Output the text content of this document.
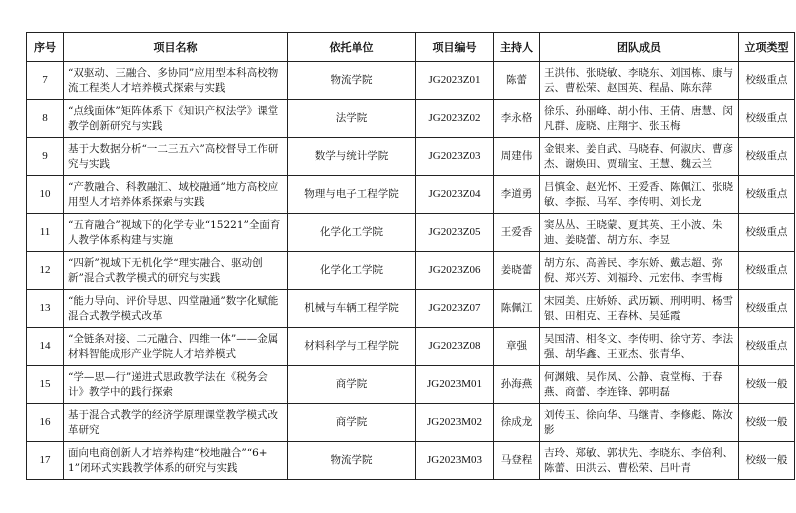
序号	项目名称	依托单位	项目编号	主持人	团队成员	立项类型

7	“双驱动、三融合、多协同”应用型本科高校物流工程类人才培养模式探索与实践	物流学院	JG2023Z01	陈蕾	王洪伟、张晓敏、李晓东、刘国栋、康与云、曹松荣、赵国英、程晶、陈东萍	校级重点

8	“点线面体”矩阵体系下《知识产权法学》课堂教学创新研究与实践	法学院	JG2023Z02	李永格	徐乐、孙丽峰、胡小伟、王倩、唐慧、闵凡群、庞晓、庄翔宇、张玉梅	校级重点

9	基于大数据分析“一二三五六”高校督导工作研究与实践	数学与统计学院	JG2023Z03	周建伟	金银来、姜自武、马晓春、何淑庆、曹彦杰、谢焕田、贾瑞宝、王慧、魏云兰	校级重点

10	“产教融合、科教融汇、域校融通”地方高校应用型人才培养体系探索与实践	物理与电子工程学院	JG2023Z04	李道勇	吕慎金、赵光怀、王爱香、陈佩江、张晓敏、李振、马军、李传明、刘长龙	校级重点

11	“五育融合”视域下的化学专业“15221”全面育人教学体系构建与实施	化学化工学院	JG2023Z05	王爱香	窦丛丛、王晓蒙、夏其英、王小波、朱迪、姜晓蕾、胡方东、李昱	校级重点

12	“四新”视域下无机化学“理实融合、驱动创新”混合式教学模式的研究与实践	化学化工学院	JG2023Z06	姜晓蕾	胡方东、高善民、李东娇、戴志超、弥倪、郑兴芳、刘福玲、元宏伟、李雪梅	校级重点

13	“能力导向、评价导思、四堂融通”数字化赋能混合式教学模式改革	机械与车辆工程学院	JG2023Z07	陈佩江	宋园美、庄娇娇、武历颖、刑明明、杨雪银、田相克、王春林、吴延霞	校级重点

14	“全链条对接、二元融合、四维一体”——金属材料智能成形产业学院人才培养模式	材料科学与工程学院	JG2023Z08	章强	吴国清、相冬文、李传明、徐守芳、李法强、胡华鑫、王亚杰、张青华、	校级重点

15	“学—思—行”递进式思政教学法在《税务会计》教学中的践行探索	商学院	JG2023M01	孙海燕	何渊娥、吴作凤、公静、袁堂梅、于春燕、商蕾、李连锋、郭明磊	校级一般

16	基于混合式教学的经济学原理课堂教学模式改革研究	商学院	JG2023M02	徐成龙	刘传玉、徐向华、马继青、李修彪、陈汝影	校级一般

17	面向电商创新人才培养构建“校地融合”“6+1”闭环式实践教学体系的研究与实践	物流学院	JG2023M03	马登程	吉玲、郑敏、郭状先、李晓东、李倍利、陈蕾、田洪云、曹松荣、吕叶青	校级一般
